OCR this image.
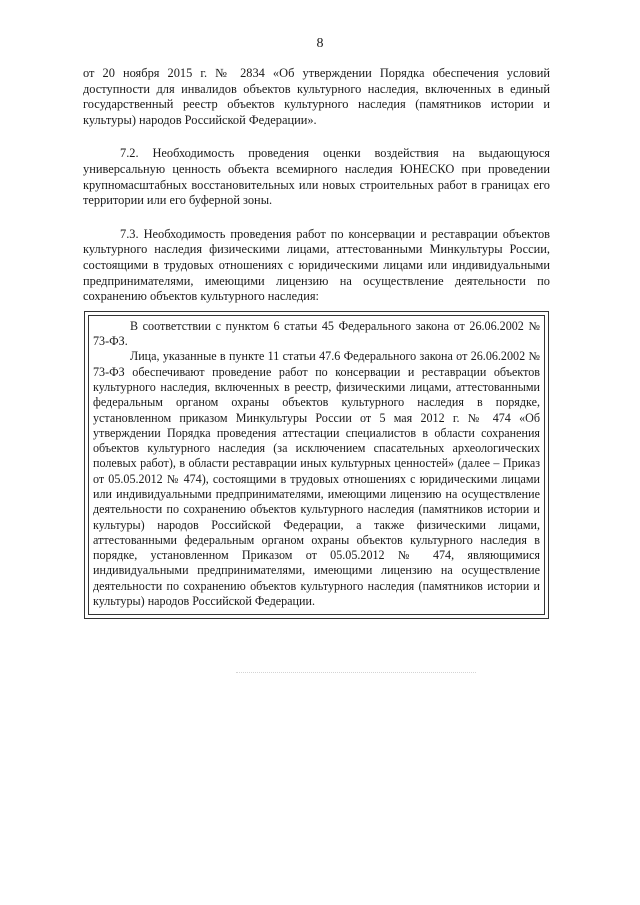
8

от 20 ноября 2015 г. № 2834 «Об утверждении Порядка обеспечения условий доступности для инвалидов объектов культурного наследия, включенных в единый государственный реестр объектов культурного наследия (памятников истории и культуры) народов Российской Федерации».

7.2. Необходимость проведения оценки воздействия на выдающуюся универсальную ценность объекта всемирного наследия ЮНЕСКО при проведении крупномасштабных восстановительных или новых строительных работ в границах его территории или его буферной зоны.

7.3. Необходимость проведения работ по консервации и реставрации объектов культурного наследия физическими лицами, аттестованными Минкультуры России, состоящими в трудовых отношениях с юридическими лицами или индивидуальными предпринимателями, имеющими лицензию на осуществление деятельности по сохранению объектов культурного наследия:

В соответствии с пунктом 6 статьи 45 Федерального закона от 26.06.2002 № 73-ФЗ.

Лица, указанные в пункте 11 статьи 47.6 Федерального закона от 26.06.2002 № 73-ФЗ обеспечивают проведение работ по консервации и реставрации объектов культурного наследия, включенных в реестр, физическими лицами, аттестованными федеральным органом охраны объектов культурного наследия в порядке, установленном приказом Минкультуры России от 5 мая 2012 г. № 474 «Об утверждении Порядка проведения аттестации специалистов в области сохранения объектов культурного наследия (за исключением спасательных археологических полевых работ), в области реставрации иных культурных ценностей» (далее – Приказ от 05.05.2012 № 474), состоящими в трудовых отношениях с юридическими лицами или индивидуальными предпринимателями, имеющими лицензию на осуществление деятельности по сохранению объектов культурного наследия (памятников истории и культуры) народов Российской Федерации, а также физическими лицами, аттестованными федеральным органом охраны объектов культурного наследия в порядке, установленном Приказом от 05.05.2012 № 474, являющимися индивидуальными предпринимателями, имеющими лицензию на осуществление деятельности по сохранению объектов культурного наследия (памятников истории и культуры) народов Российской Федерации.
